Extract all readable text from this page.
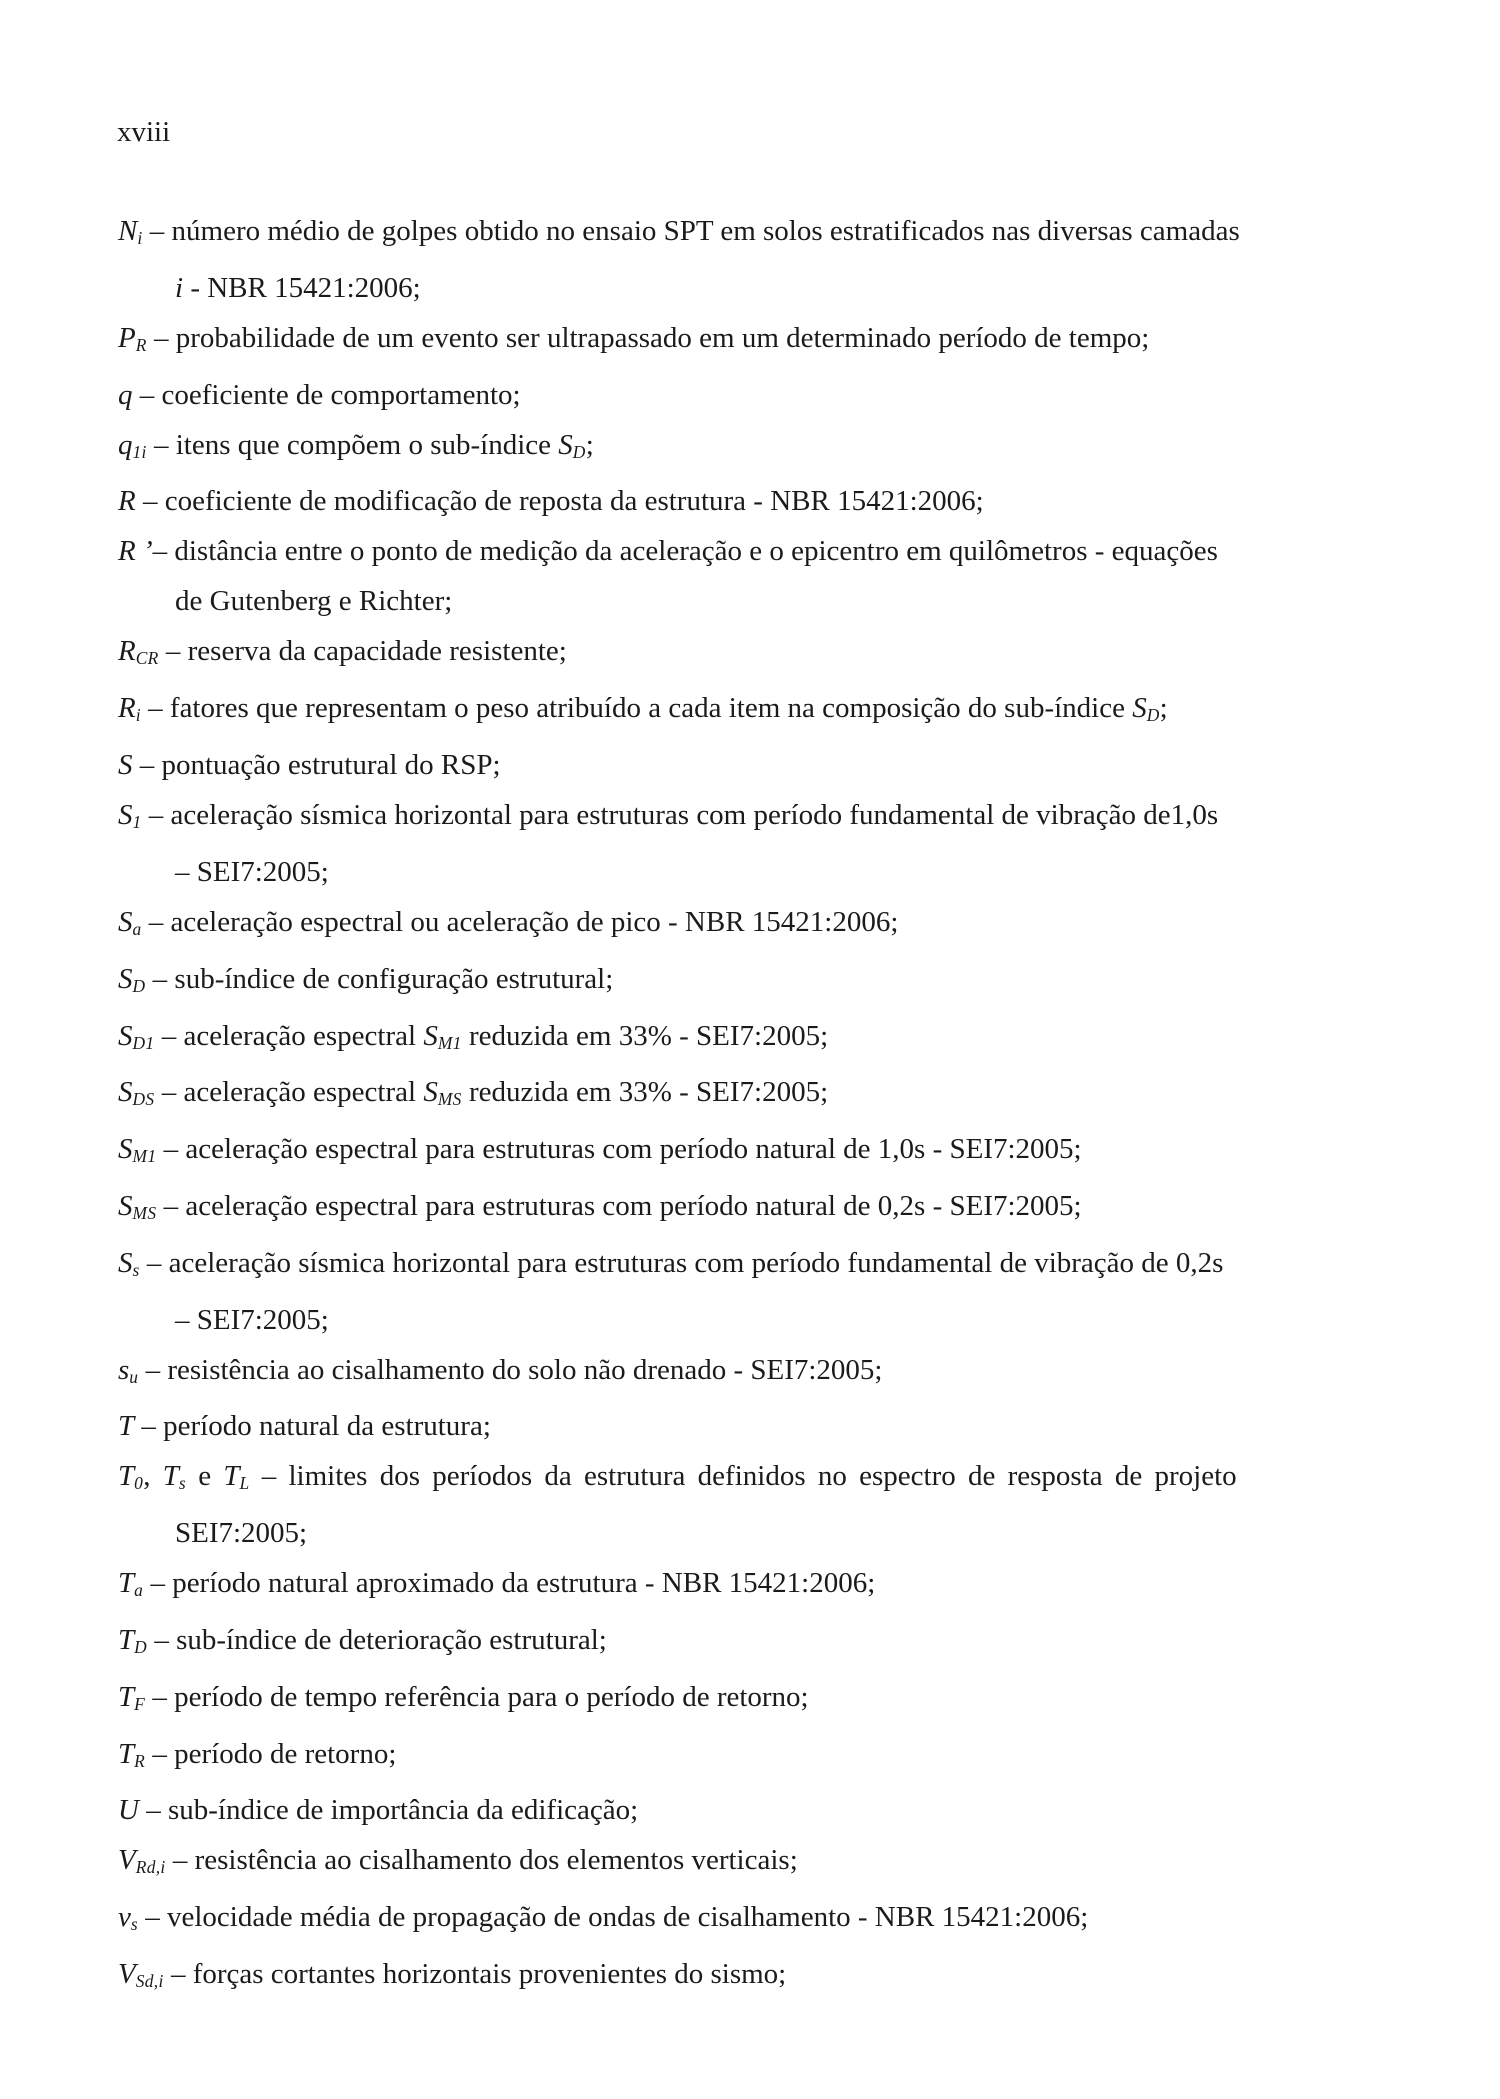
xviii

Ni – número médio de golpes obtido no ensaio SPT em solos estratificados nas diversas camadas
i - NBR 15421:2006;

PR – probabilidade de um evento ser ultrapassado em um determinado período de tempo;

q – coeficiente de comportamento;

q1i – itens que compõem o sub-índice SD;

R – coeficiente de modificação de reposta da estrutura - NBR 15421:2006;

R ’– distância entre o ponto de medição da aceleração e o epicentro em quilômetros - equações
de Gutenberg e Richter;

RCR – reserva da capacidade resistente;

Ri – fatores que representam o peso atribuído a cada item na composição do sub-índice SD;

S – pontuação estrutural do RSP;

S1 – aceleração sísmica horizontal para estruturas com período fundamental de vibração de1,0s
– SEI7:2005;

Sa – aceleração espectral ou aceleração de pico - NBR 15421:2006;

SD – sub-índice de configuração estrutural;

SD1 – aceleração espectral SM1 reduzida em 33% - SEI7:2005;

SDS – aceleração espectral SMS reduzida em 33% - SEI7:2005;

SM1 – aceleração espectral para estruturas com período natural de 1,0s - SEI7:2005;

SMS – aceleração espectral para estruturas com período natural de 0,2s - SEI7:2005;

Ss – aceleração sísmica horizontal para estruturas com período fundamental de vibração de 0,2s
– SEI7:2005;

su – resistência ao cisalhamento do solo não drenado - SEI7:2005;

T – período natural da estrutura;

T0, Ts e TL – limites dos períodos da estrutura definidos no espectro de resposta de projeto
SEI7:2005;

Ta – período natural aproximado da estrutura - NBR 15421:2006;

TD – sub-índice de deterioração estrutural;

TF – período de tempo referência para o período de retorno;

TR – período de retorno;

U – sub-índice de importância da edificação;

VRd,i – resistência ao cisalhamento dos elementos verticais;

vs – velocidade média de propagação de ondas de cisalhamento - NBR 15421:2006;

VSd,i – forças cortantes horizontais provenientes do sismo;
